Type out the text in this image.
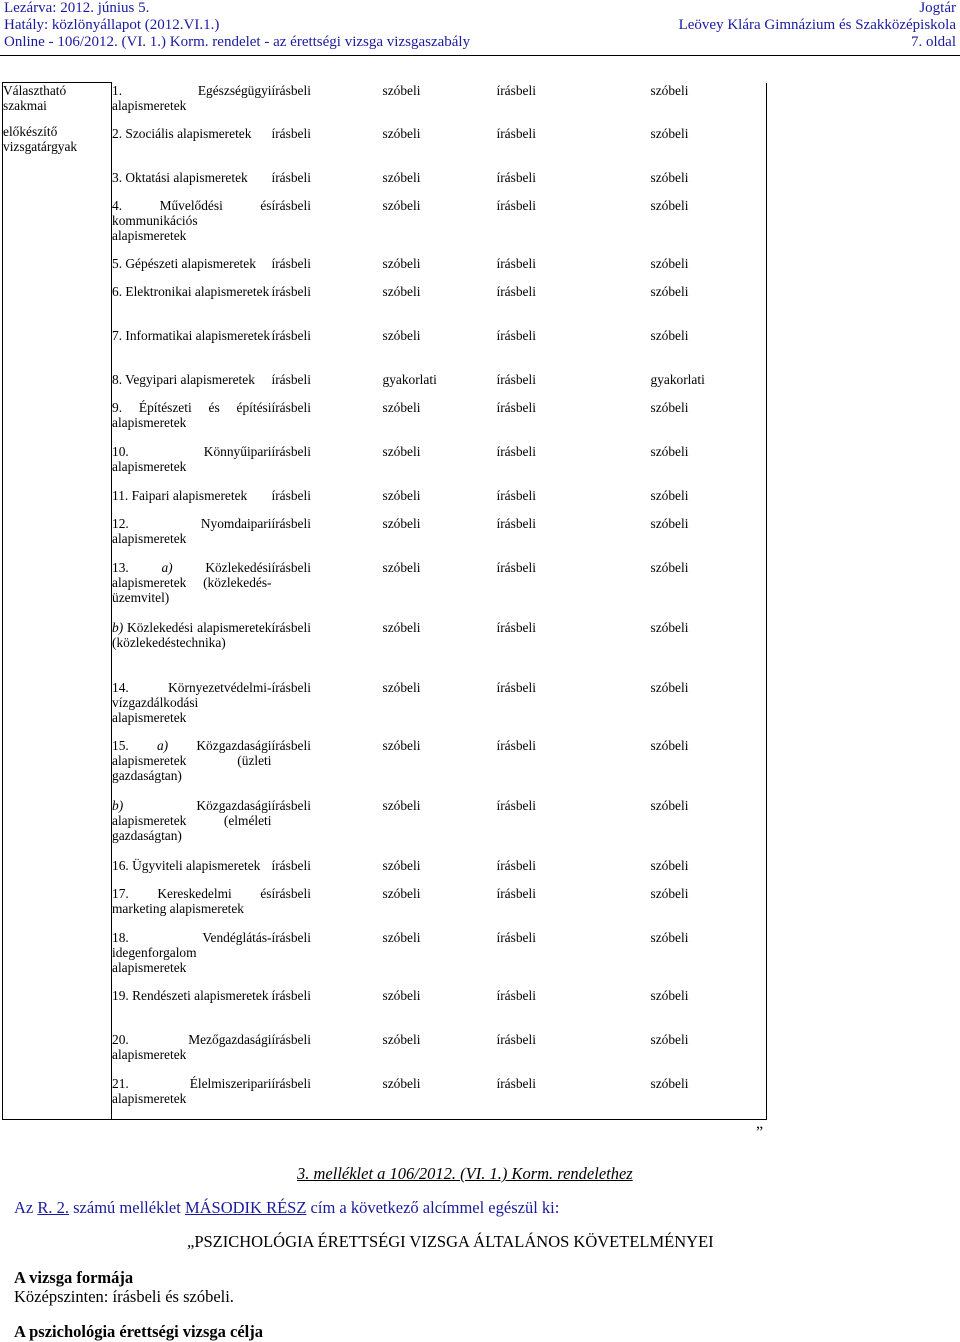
Lezárva: 2012. június 5.
Hatály: közlönyállapot (2012.VI.1.)
Online - 106/2012. (VI. 1.) Korm. rendelet - az érettségi vizsga vizsgaszabály
Jogtár
Leövey Klára Gimnázium és Szakközépiskola
7. oldal
Választható szakmai
előkészítő vizsgatárgyak	1. Egészségügyi alapismeretek	írásbeli	szóbeli	írásbeli	szóbeli
	2. Szociális alapismeretek	írásbeli	szóbeli	írásbeli	szóbeli
	3. Oktatási alapismeretek	írásbeli	szóbeli	írásbeli	szóbeli
	4. Művelődési és kommunikációs alapismeretek	írásbeli	szóbeli	írásbeli	szóbeli
	5. Gépészeti alapismeretek	írásbeli	szóbeli	írásbeli	szóbeli
	6. Elektronikai alapismeretek	írásbeli	szóbeli	írásbeli	szóbeli
	7. Informatikai alapismeretek	írásbeli	szóbeli	írásbeli	szóbeli
	8. Vegyipari alapismeretek	írásbeli	gyakorlati	írásbeli	gyakorlati
	9. Építészeti és építési alapismeretek	írásbeli	szóbeli	írásbeli	szóbeli
	10. Könnyűipari alapismeretek	írásbeli	szóbeli	írásbeli	szóbeli
	11. Faipari alapismeretek	írásbeli	szóbeli	írásbeli	szóbeli
	12. Nyomdaipari alapismeretek	írásbeli	szóbeli	írásbeli	szóbeli
	13. a) Közlekedési alapismeretek (közlekedés-üzemvitel)	írásbeli	szóbeli	írásbeli	szóbeli
	b) Közlekedési alapismeretek (közlekedéstechnika)	írásbeli	szóbeli	írásbeli	szóbeli
	14. Környezetvédelmi-vízgazdálkodási alapismeretek	írásbeli	szóbeli	írásbeli	szóbeli
	15. a) Közgazdasági alapismeretek (üzleti gazdaságtan)	írásbeli	szóbeli	írásbeli	szóbeli
	b) Közgazdasági alapismeretek (elméleti gazdaságtan)	írásbeli	szóbeli	írásbeli	szóbeli
	16. Ügyviteli alapismeretek	írásbeli	szóbeli	írásbeli	szóbeli
	17. Kereskedelmi és marketing alapismeretek	írásbeli	szóbeli	írásbeli	szóbeli
	18. Vendéglátás-idegenforgalom alapismeretek	írásbeli	szóbeli	írásbeli	szóbeli
	19. Rendészeti alapismeretek	írásbeli	szóbeli	írásbeli	szóbeli
	20. Mezőgazdasági alapismeretek	írásbeli	szóbeli	írásbeli	szóbeli
	21. Élelmiszeripari alapismeretek	írásbeli	szóbeli	írásbeli	szóbeli
”
3. melléklet a 106/2012. (VI. 1.) Korm. rendelethez
Az R. 2. számú melléklet MÁSODIK RÉSZ cím a következő alcímmel egészül ki:
„PSZICHOLÓGIA ÉRETTSÉGI VIZSGA ÁLTALÁNOS KÖVETELMÉNYEI
A vizsga formája
Középszinten: írásbeli és szóbeli.
A pszichológia érettségi vizsga célja
